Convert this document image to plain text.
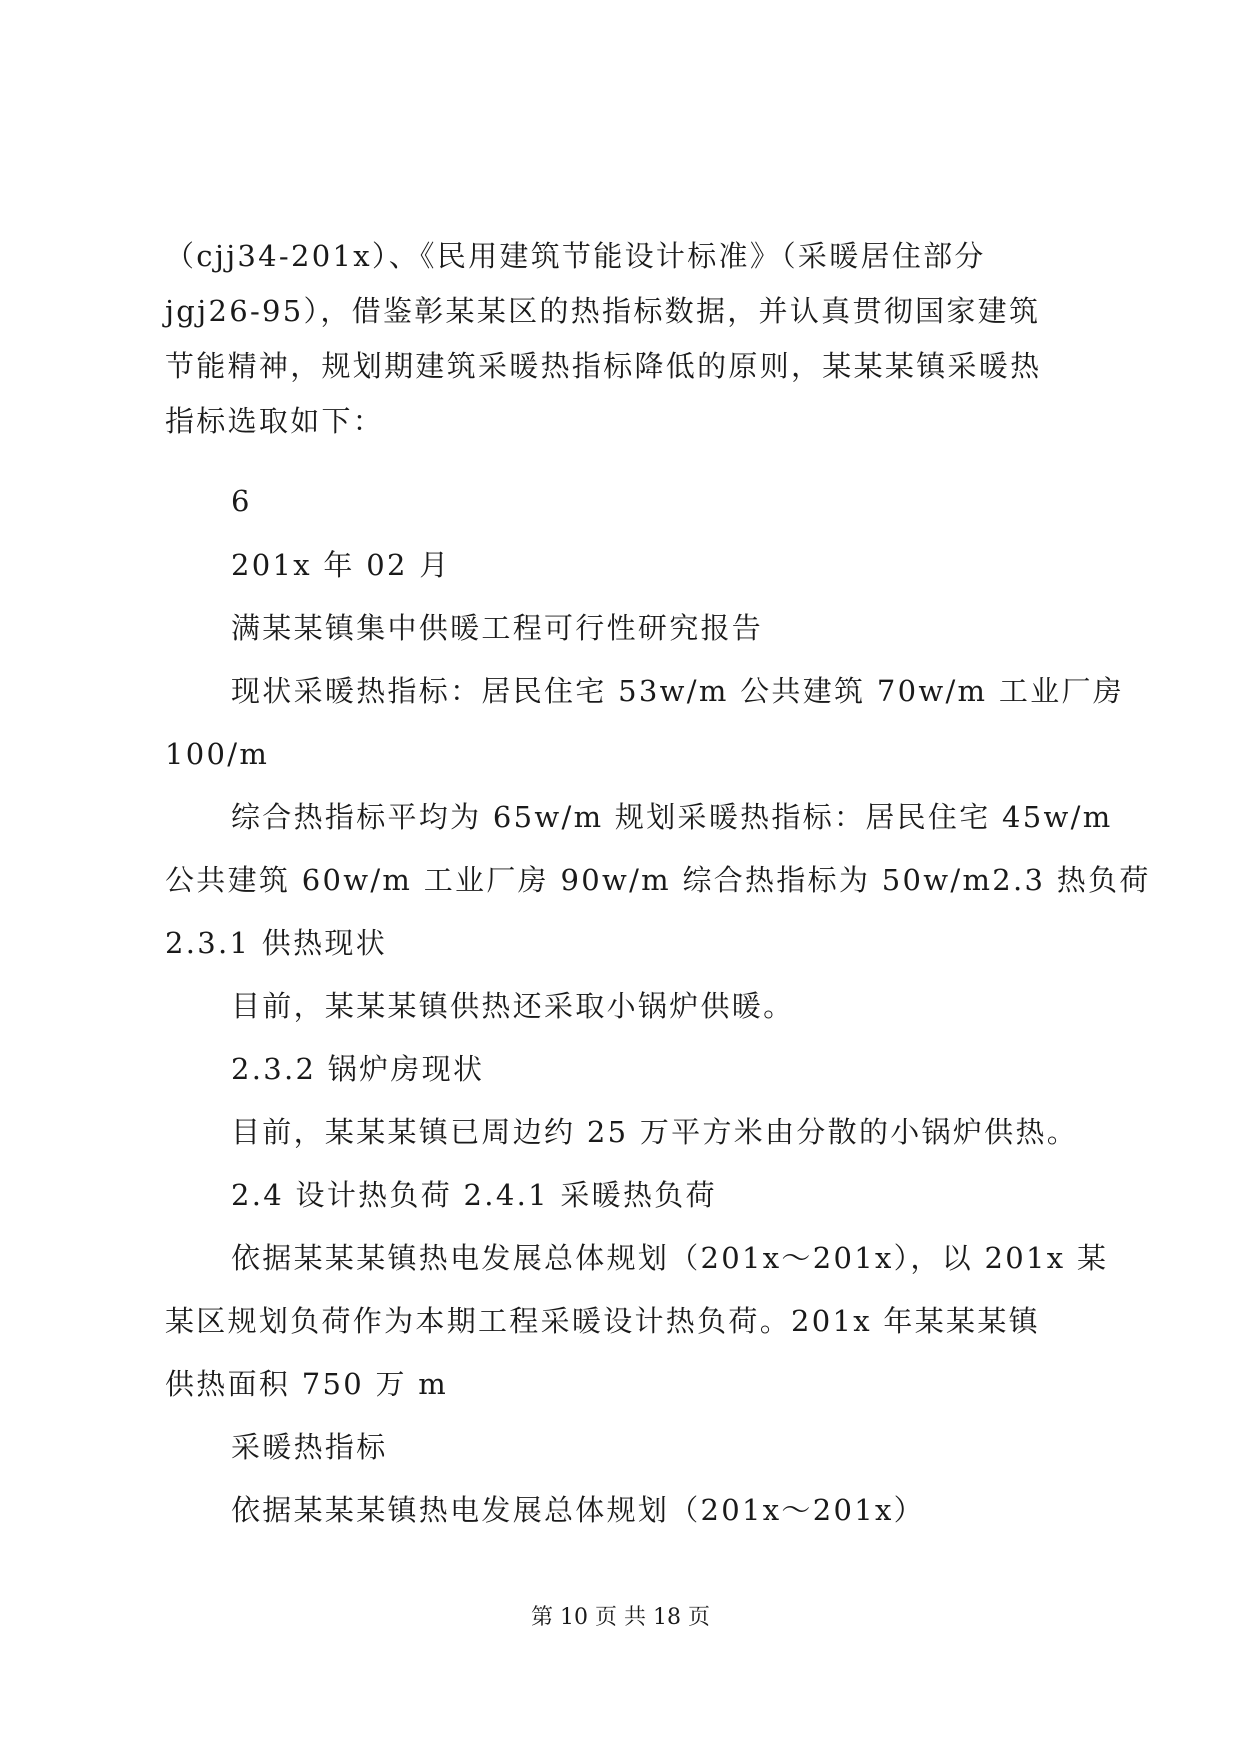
（cjj34-201x）、《民用建筑节能设计标准》（采暖居住部分
jgj26-95），借鉴彰某某区的热指标数据，并认真贯彻国家建筑
节能精神，规划期建筑采暖热指标降低的原则，某某某镇采暖热
指标选取如下：
6
201x 年 02 月
满某某镇集中供暖工程可行性研究报告
现状采暖热指标：居民住宅 53w/m 公共建筑 70w/m 工业厂房
100/m
综合热指标平均为 65w/m 规划采暖热指标：居民住宅 45w/m
公共建筑 60w/m 工业厂房 90w/m 综合热指标为 50w/m2.3 热负荷
2.3.1 供热现状
目前，某某某镇供热还采取小锅炉供暖。
2.3.2 锅炉房现状
目前，某某某镇已周边约 25 万平方米由分散的小锅炉供热。
2.4 设计热负荷 2.4.1 采暖热负荷
依据某某某镇热电发展总体规划（201x～201x），以 201x 某
某区规划负荷作为本期工程采暖设计热负荷。201x 年某某某镇
供热面积 750 万 m
采暖热指标
依据某某某镇热电发展总体规划（201x～201x）
第 10 页 共 18 页
